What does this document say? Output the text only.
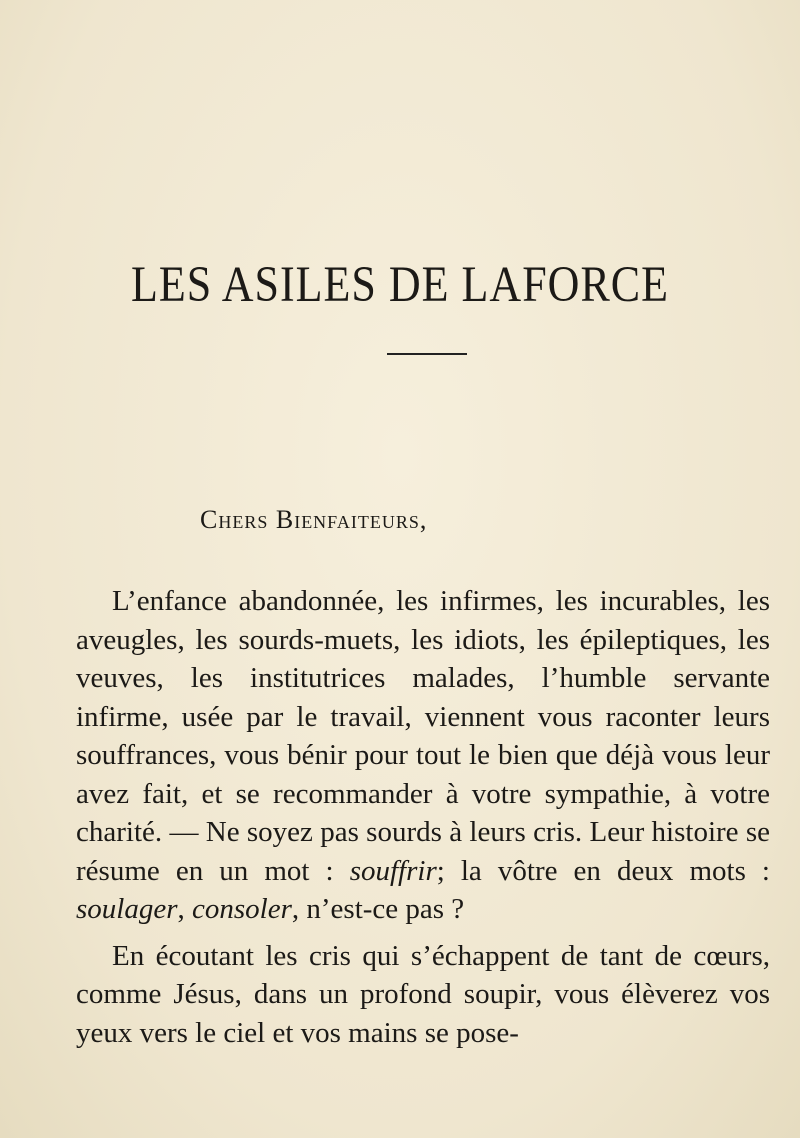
LES ASILES DE LAFORCE
Chers Bienfaiteurs,

L’enfance abandonnée, les infirmes, les incurables, les aveugles, les sourds-muets, les idiots, les épileptiques, les veuves, les institutrices malades, l’humble servante infirme, usée par le travail, viennent vous raconter leurs souffrances, vous bénir pour tout le bien que déjà vous leur avez fait, et se recommander à votre sympathie, à votre charité. — Ne soyez pas sourds à leurs cris. Leur histoire se résume en un mot : souffrir; la vôtre en deux mots : soulager, consoler, n’est-ce pas ?

En écoutant les cris qui s’échappent de tant de cœurs, comme Jésus, dans un profond soupir, vous élèverez vos yeux vers le ciel et vos mains se pose-
